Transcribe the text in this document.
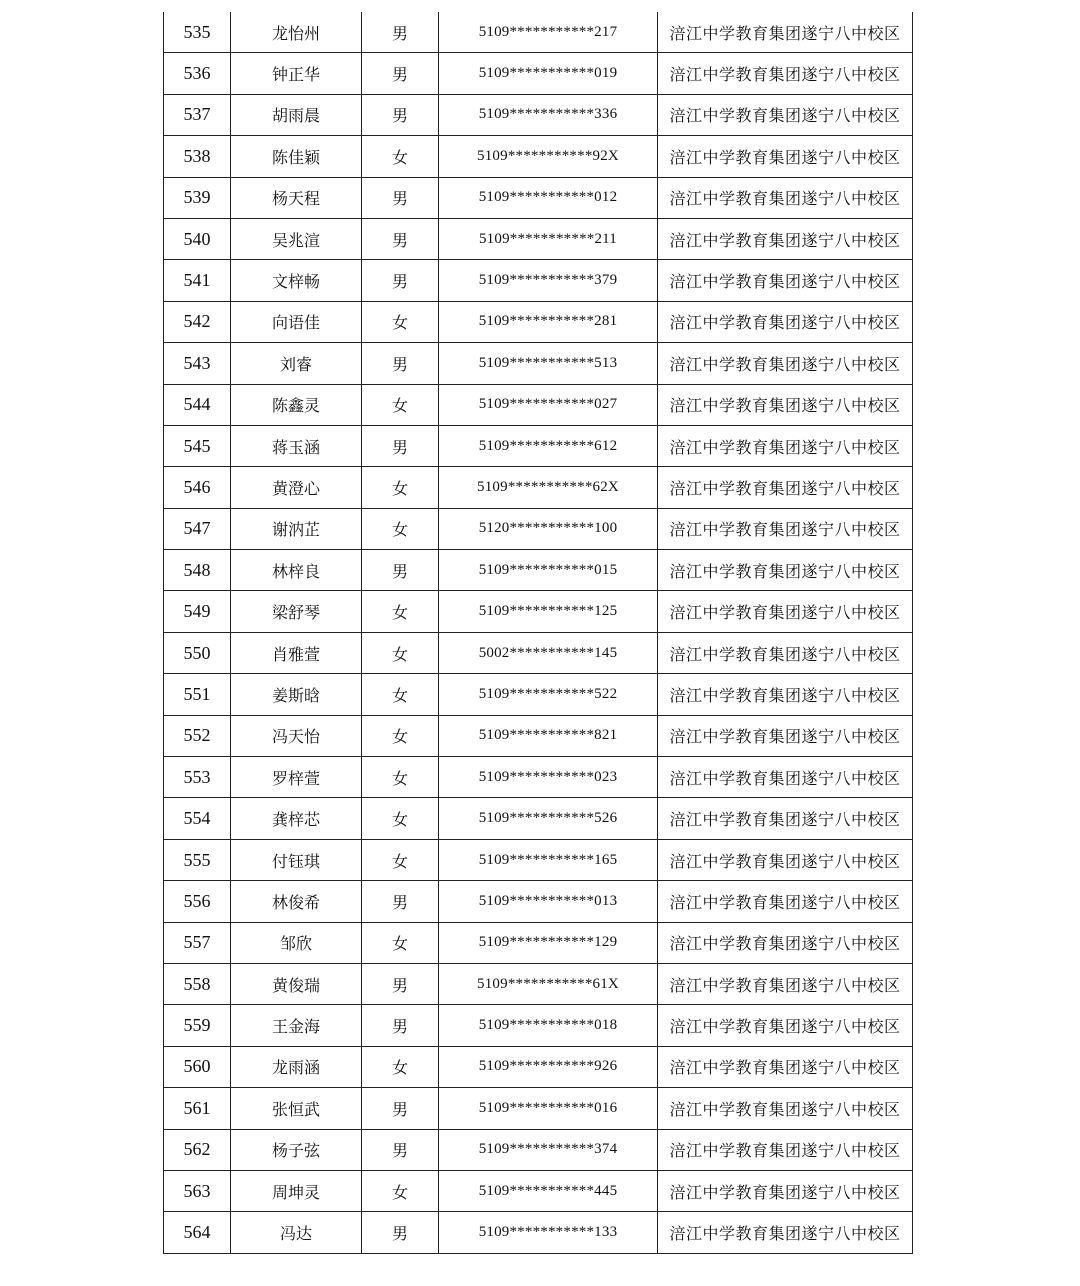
535	龙怡州	男	5109***********217	涪江中学教育集团遂宁八中校区
536	钟正华	男	5109***********019	涪江中学教育集团遂宁八中校区
537	胡雨晨	男	5109***********336	涪江中学教育集团遂宁八中校区
538	陈佳颖	女	5109***********92X	涪江中学教育集团遂宁八中校区
539	杨天程	男	5109***********012	涪江中学教育集团遂宁八中校区
540	吴兆渲	男	5109***********211	涪江中学教育集团遂宁八中校区
541	文梓畅	男	5109***********379	涪江中学教育集团遂宁八中校区
542	向语佳	女	5109***********281	涪江中学教育集团遂宁八中校区
543	刘睿	男	5109***********513	涪江中学教育集团遂宁八中校区
544	陈鑫灵	女	5109***********027	涪江中学教育集团遂宁八中校区
545	蒋玉涵	男	5109***********612	涪江中学教育集团遂宁八中校区
546	黄澄心	女	5109***********62X	涪江中学教育集团遂宁八中校区
547	谢汭芷	女	5120***********100	涪江中学教育集团遂宁八中校区
548	林梓良	男	5109***********015	涪江中学教育集团遂宁八中校区
549	梁舒琴	女	5109***********125	涪江中学教育集团遂宁八中校区
550	肖雅萱	女	5002***********145	涪江中学教育集团遂宁八中校区
551	姜斯晗	女	5109***********522	涪江中学教育集团遂宁八中校区
552	冯天怡	女	5109***********821	涪江中学教育集团遂宁八中校区
553	罗梓萱	女	5109***********023	涪江中学教育集团遂宁八中校区
554	龚梓芯	女	5109***********526	涪江中学教育集团遂宁八中校区
555	付钰琪	女	5109***********165	涪江中学教育集团遂宁八中校区
556	林俊希	男	5109***********013	涪江中学教育集团遂宁八中校区
557	邹欣	女	5109***********129	涪江中学教育集团遂宁八中校区
558	黄俊瑞	男	5109***********61X	涪江中学教育集团遂宁八中校区
559	王金海	男	5109***********018	涪江中学教育集团遂宁八中校区
560	龙雨涵	女	5109***********926	涪江中学教育集团遂宁八中校区
561	张恒武	男	5109***********016	涪江中学教育集团遂宁八中校区
562	杨子弦	男	5109***********374	涪江中学教育集团遂宁八中校区
563	周坤灵	女	5109***********445	涪江中学教育集团遂宁八中校区
564	冯达	男	5109***********133	涪江中学教育集团遂宁八中校区
